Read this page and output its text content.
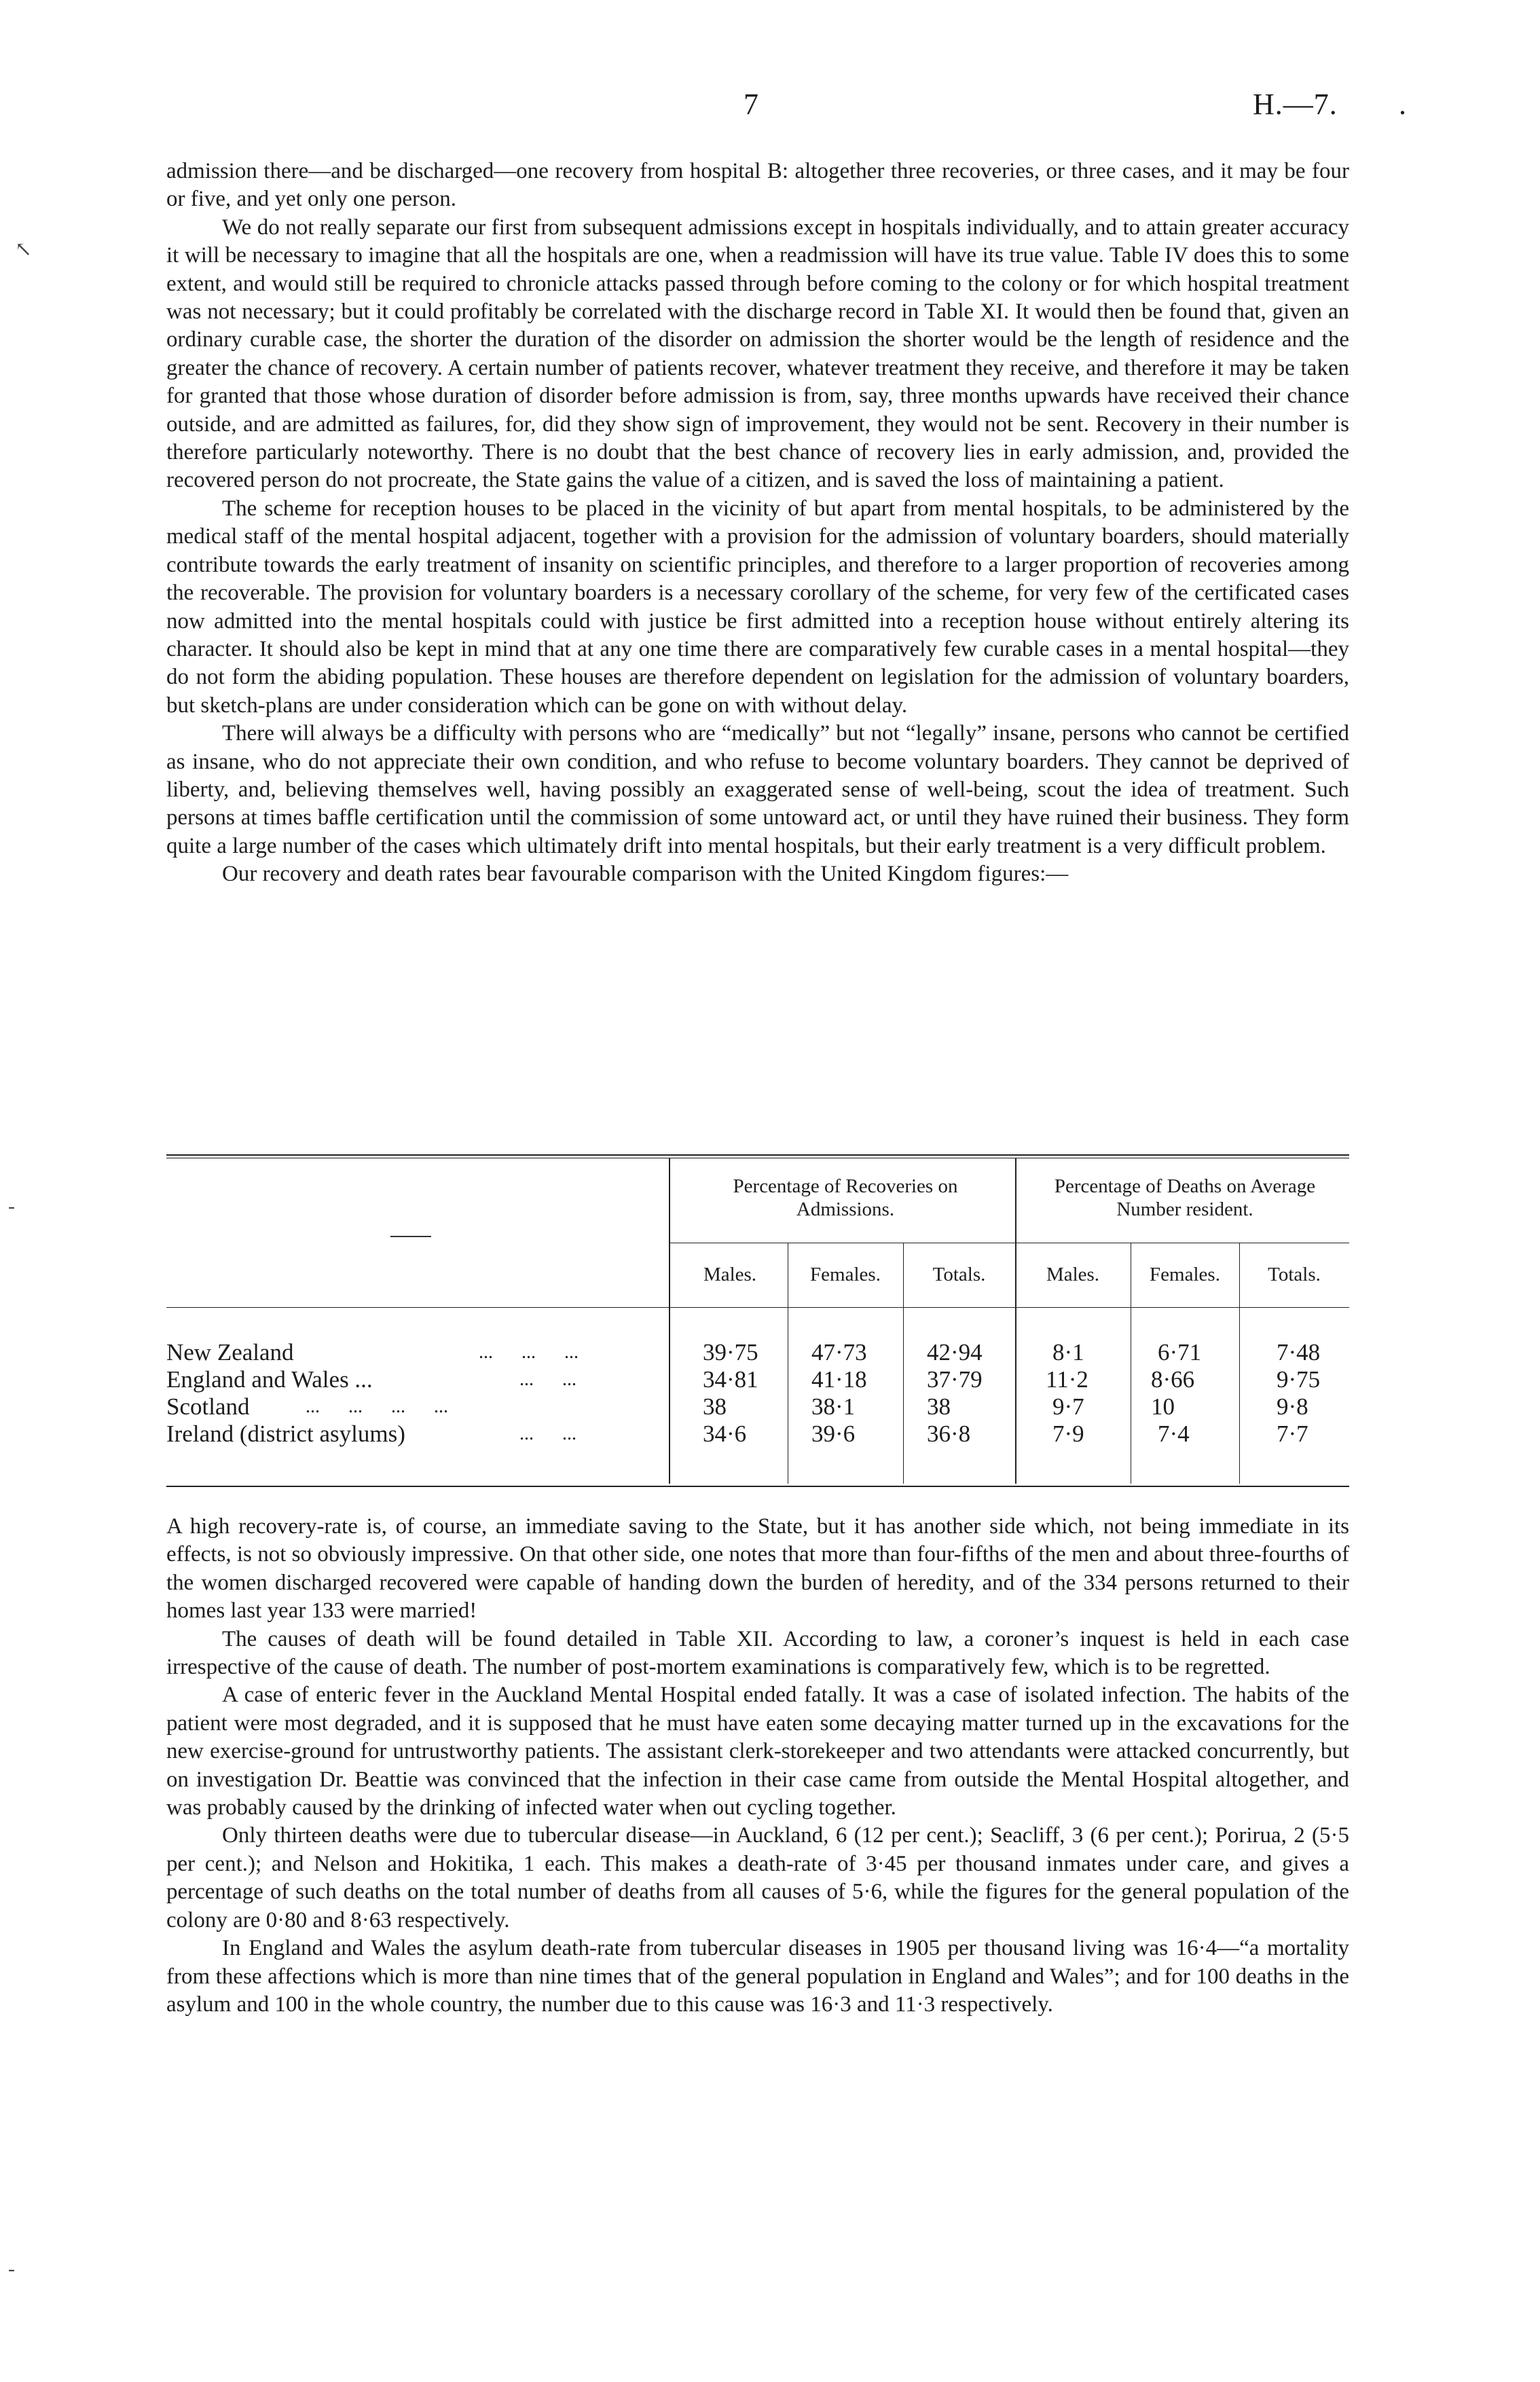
7	H.—7. .
↖
-
-

admission there—and be discharged—one recovery from hospital B: altogether three recoveries, or three cases, and it may be four or five, and yet only one person.

We do not really separate our first from subsequent admissions except in hospitals individually, and to attain greater accuracy it will be necessary to imagine that all the hospitals are one, when a readmission will have its true value. Table IV does this to some extent, and would still be required to chronicle attacks passed through before coming to the colony or for which hospital treatment was not necessary; but it could profitably be correlated with the discharge record in Table XI. It would then be found that, given an ordinary curable case, the shorter the duration of the disorder on admission the shorter would be the length of residence and the greater the chance of recovery. A certain number of patients recover, whatever treatment they receive, and therefore it may be taken for granted that those whose duration of disorder before admission is from, say, three months upwards have received their chance outside, and are admitted as failures, for, did they show sign of improvement, they would not be sent. Recovery in their number is therefore particularly noteworthy. There is no doubt that the best chance of recovery lies in early admission, and, provided the recovered person do not procreate, the State gains the value of a citizen, and is saved the loss of maintaining a patient.

The scheme for reception houses to be placed in the vicinity of but apart from mental hospitals, to be administered by the medical staff of the mental hospital adjacent, together with a provision for the admission of voluntary boarders, should materially contribute towards the early treatment of insanity on scientific principles, and therefore to a larger proportion of recoveries among the recoverable. The provision for voluntary boarders is a necessary corollary of the scheme, for very few of the certificated cases now admitted into the mental hospitals could with justice be first admitted into a reception house without entirely altering its character. It should also be kept in mind that at any one time there are comparatively few curable cases in a mental hospital—they do not form the abiding population. These houses are therefore dependent on legislation for the admission of voluntary boarders, but sketch-plans are under consideration which can be gone on with without delay.

There will always be a difficulty with persons who are “medically” but not “legally” insane, persons who cannot be certified as insane, who do not appreciate their own condition, and who refuse to become voluntary boarders. They cannot be deprived of liberty, and, believing themselves well, having possibly an exaggerated sense of well-being, scout the idea of treatment. Such persons at times baffle certification until the commission of some untoward act, or until they have ruined their business. They form quite a large number of the cases which ultimately drift into mental hospitals, but their early treatment is a very difficult problem.

Our recovery and death rates bear favourable comparison with the United Kingdom figures:—

Percentage of Recoveries on Admissions.
Percentage of Deaths on Average Number resident.
Males.	Females.	Totals.	Males.	Females.	Totals.
New Zealand	...      ...      ...	39·75 47·73	42·94	8·1	6·71	7·48
England and Wales ...	...      ...	34·81 41·18	37·79	11·2	8·66	9·75
Scotland	...      ...      ...      ...	38	38·1	38	9·7	10	9·8
Ireland (district asylums)	...      ...	34·6	39·6	36·8	7·9	7·4	7·7

A high recovery-rate is, of course, an immediate saving to the State, but it has another side which, not being immediate in its effects, is not so obviously impressive. On that other side, one notes that more than four-fifths of the men and about three-fourths of the women discharged recovered were capable of handing down the burden of heredity, and of the 334 persons returned to their homes last year 133 were married!

The causes of death will be found detailed in Table XII. According to law, a coroner’s inquest is held in each case irrespective of the cause of death. The number of post-mortem examinations is comparatively few, which is to be regretted.

A case of enteric fever in the Auckland Mental Hospital ended fatally. It was a case of isolated infection. The habits of the patient were most degraded, and it is supposed that he must have eaten some decaying matter turned up in the excavations for the new exercise-ground for untrustworthy patients. The assistant clerk-storekeeper and two attendants were attacked concurrently, but on investigation Dr. Beattie was convinced that the infection in their case came from outside the Mental Hospital altogether, and was probably caused by the drinking of infected water when out cycling together.

Only thirteen deaths were due to tubercular disease—in Auckland, 6 (12 per cent.); Seacliff, 3 (6 per cent.); Porirua, 2 (5·5 per cent.); and Nelson and Hokitika, 1 each. This makes a death-rate of 3·45 per thousand inmates under care, and gives a percentage of such deaths on the total number of deaths from all causes of 5·6, while the figures for the general population of the colony are 0·80 and 8·63 respectively.

In England and Wales the asylum death-rate from tubercular diseases in 1905 per thousand living was 16·4—“a mortality from these affections which is more than nine times that of the general population in England and Wales”; and for 100 deaths in the asylum and 100 in the whole country, the number due to this cause was 16·3 and 11·3 respectively.
